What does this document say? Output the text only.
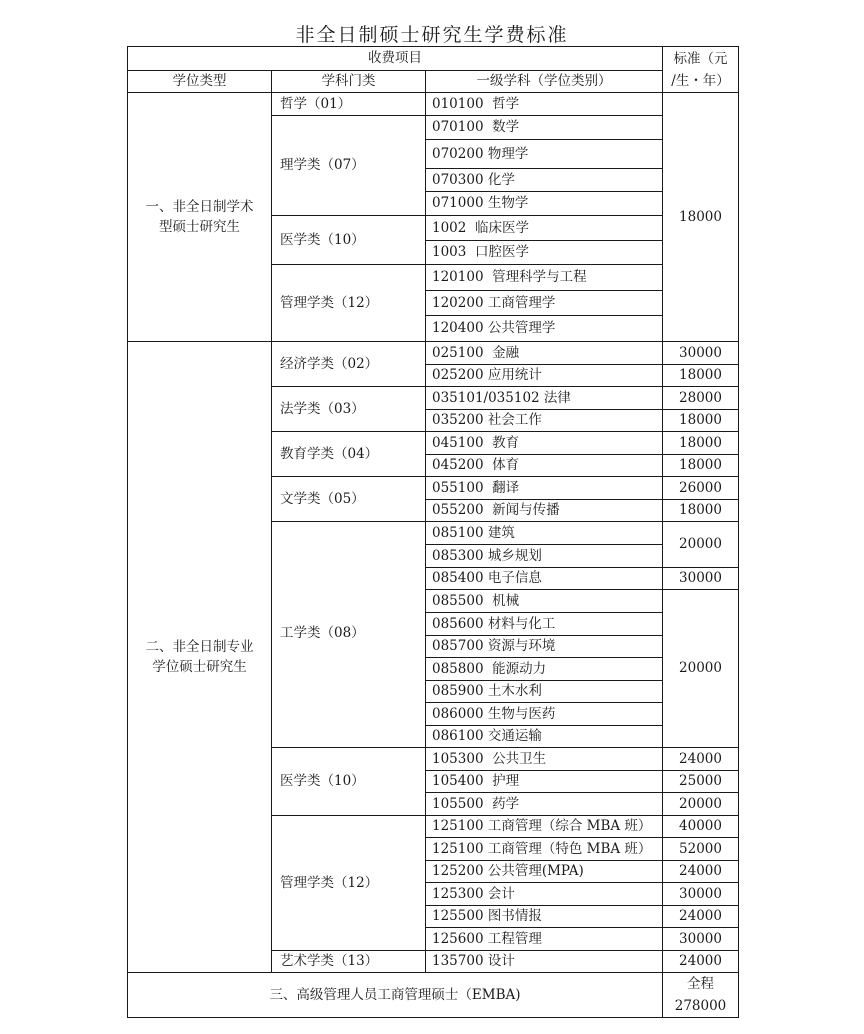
非全日制硕士研究生学费标准
收费项目			标准（元
/生・年）

学位类型	学科门类	一级学科（学位类别）	

一、非全日制学术
型硕士研究生	哲学（01）	010100  哲学	18000
	理学类（07）	070100  数学	
		070200 物理学	
		070300 化学	
		071000 生物学	
	医学类（10）	1002  临床医学	
		1003  口腔医学	
	管理学类（12）	120100  管理科学与工程	
		120200 工商管理学	
		120400 公共管理学	

二、非全日制专业
学位硕士研究生	经济学类（02）	025100  金融	30000
		025200 应用统计	18000
	法学类（03）	035101/035102 法律	28000
		035200 社会工作	18000
	教育学类（04）	045100  教育	18000
		045200  体育	18000
	文学类（05）	055100  翻译	26000
		055200  新闻与传播	18000
	工学类（08）	085100 建筑	20000
		085300 城乡规划	
		085400 电子信息	30000
		085500  机械	20000
		085600 材料与化工	
		085700 资源与环境	
		085800  能源动力	
		085900 土木水利	
		086000 生物与医药	
		086100 交通运输	
	医学类（10）	105300  公共卫生	24000
		105400  护理	25000
		105500  药学	20000
	管理学类（12）	125100 工商管理（综合 MBA 班）	40000
		125100 工商管理（特色 MBA 班）	52000
		125200 公共管理(MPA)	24000
		125300 会计	30000
		125500 图书情报	24000
		125600 工程管理	30000
	艺术学类（13）	135700 设计	24000
三、高级管理人员工商管理硕士（EMBA)			全程
278000
